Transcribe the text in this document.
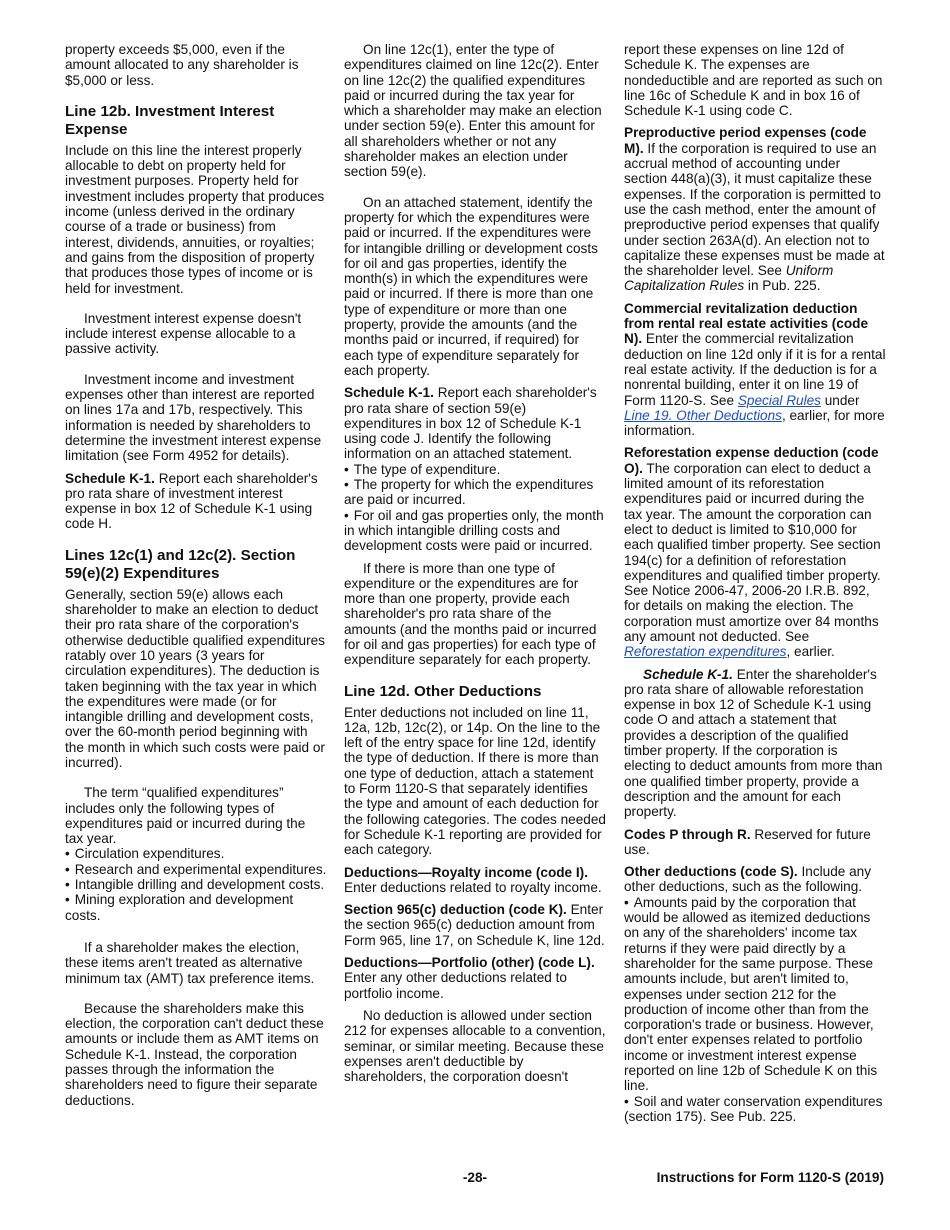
property exceeds $5,000, even if the amount allocated to any shareholder is $5,000 or less.

Line 12b. Investment Interest Expense

Include on this line the interest properly allocable to debt on property held for investment purposes. Property held for investment includes property that produces income (unless derived in the ordinary course of a trade or business) from interest, dividends, annuities, or royalties; and gains from the disposition of property that produces those types of income or is held for investment.

Investment interest expense doesn't include interest expense allocable to a passive activity.

Investment income and investment expenses other than interest are reported on lines 17a and 17b, respectively. This information is needed by shareholders to determine the investment interest expense limitation (see Form 4952 for details).

Schedule K-1. Report each shareholder's pro rata share of investment interest expense in box 12 of Schedule K-1 using code H.

Lines 12c(1) and 12c(2). Section 59(e)(2) Expenditures

Generally, section 59(e) allows each shareholder to make an election to deduct their pro rata share of the corporation's otherwise deductible qualified expenditures ratably over 10 years (3 years for circulation expenditures). The deduction is taken beginning with the tax year in which the expenditures were made (or for intangible drilling and development costs, over the 60-month period beginning with the month in which such costs were paid or incurred).

The term “qualified expenditures” includes only the following types of expenditures paid or incurred during the tax year.

• Circulation expenditures.
• Research and experimental expenditures.
• Intangible drilling and development costs.
• Mining exploration and development costs.

If a shareholder makes the election, these items aren't treated as alternative minimum tax (AMT) tax preference items.

Because the shareholders make this election, the corporation can't deduct these amounts or include them as AMT items on Schedule K-1. Instead, the corporation passes through the information the shareholders need to figure their separate deductions.

On line 12c(1), enter the type of expenditures claimed on line 12c(2). Enter on line 12c(2) the qualified expenditures paid or incurred during the tax year for which a shareholder may make an election under section 59(e). Enter this amount for all shareholders whether or not any shareholder makes an election under section 59(e).

On an attached statement, identify the property for which the expenditures were paid or incurred. If the expenditures were for intangible drilling or development costs for oil and gas properties, identify the month(s) in which the expenditures were paid or incurred. If there is more than one type of expenditure or more than one property, provide the amounts (and the months paid or incurred, if required) for each type of expenditure separately for each property.

Schedule K-1. Report each shareholder's pro rata share of section 59(e) expenditures in box 12 of Schedule K-1 using code J. Identify the following information on an attached statement.

• The type of expenditure.
• The property for which the expenditures are paid or incurred.
• For oil and gas properties only, the month in which intangible drilling costs and development costs were paid or incurred.

If there is more than one type of expenditure or the expenditures are for more than one property, provide each shareholder's pro rata share of the amounts (and the months paid or incurred for oil and gas properties) for each type of expenditure separately for each property.

Line 12d. Other Deductions

Enter deductions not included on line 11, 12a, 12b, 12c(2), or 14p. On the line to the left of the entry space for line 12d, identify the type of deduction. If there is more than one type of deduction, attach a statement to Form 1120-S that separately identifies the type and amount of each deduction for the following categories. The codes needed for Schedule K-1 reporting are provided for each category.

Deductions—Royalty income (code I). Enter deductions related to royalty income.

Section 965(c) deduction (code K). Enter the section 965(c) deduction amount from Form 965, line 17, on Schedule K, line 12d.

Deductions—Portfolio (other) (code L). Enter any other deductions related to portfolio income.

No deduction is allowed under section 212 for expenses allocable to a convention, seminar, or similar meeting. Because these expenses aren't deductible by shareholders, the corporation doesn't

report these expenses on line 12d of Schedule K. The expenses are nondeductible and are reported as such on line 16c of Schedule K and in box 16 of Schedule K-1 using code C.

Preproductive period expenses (code M). If the corporation is required to use an accrual method of accounting under section 448(a)(3), it must capitalize these expenses. If the corporation is permitted to use the cash method, enter the amount of preproductive period expenses that qualify under section 263A(d). An election not to capitalize these expenses must be made at the shareholder level. See Uniform Capitalization Rules in Pub. 225.

Commercial revitalization deduction from rental real estate activities (code N). Enter the commercial revitalization deduction on line 12d only if it is for a rental real estate activity. If the deduction is for a nonrental building, enter it on line 19 of Form 1120-S. See Special Rules under Line 19. Other Deductions, earlier, for more information.

Reforestation expense deduction (code O). The corporation can elect to deduct a limited amount of its reforestation expenditures paid or incurred during the tax year. The amount the corporation can elect to deduct is limited to $10,000 for each qualified timber property. See section 194(c) for a definition of reforestation expenditures and qualified timber property. See Notice 2006-47, 2006-20 I.R.B. 892, for details on making the election. The corporation must amortize over 84 months any amount not deducted. See Reforestation expenditures, earlier.

Schedule K-1. Enter the shareholder's pro rata share of allowable reforestation expense in box 12 of Schedule K-1 using code O and attach a statement that provides a description of the qualified timber property. If the corporation is electing to deduct amounts from more than one qualified timber property, provide a description and the amount for each property.

Codes P through R. Reserved for future use.

Other deductions (code S). Include any other deductions, such as the following.

• Amounts paid by the corporation that would be allowed as itemized deductions on any of the shareholders' income tax returns if they were paid directly by a shareholder for the same purpose. These amounts include, but aren't limited to, expenses under section 212 for the production of income other than from the corporation's trade or business. However, don't enter expenses related to portfolio income or investment interest expense reported on line 12b of Schedule K on this line.
• Soil and water conservation expenditures (section 175). See Pub. 225.
-28-	Instructions for Form 1120-S (2019)
